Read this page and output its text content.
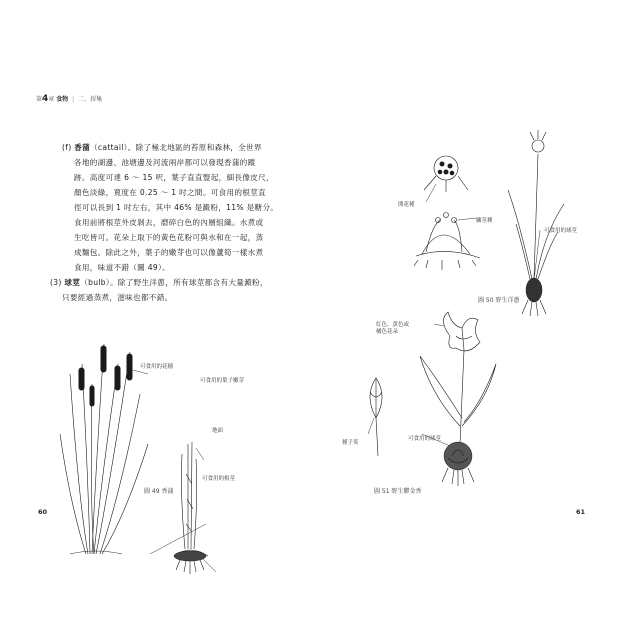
第4章 食物 | 二、採集
(f) 香蒲（cattail）。除了極北地區的苔原和森林，全世界
各地的湖邊、池塘邊及河流兩岸都可以發現香蒲的蹤
跡。高度可達 6 ～ 15 呎，葉子直直豎起，細長像皮尺，
顏色淡綠，寬度在 0.25 ～ 1 吋之間。可食用的根莖直
徑可以長到 1 吋左右，其中 46% 是澱粉，11% 是糖分。
食用前將根莖外皮剝去，磨碎白色的內層組織。水煮或
生吃皆可。花朵上取下的黃色花粉可與水和在一起，蒸
成麵包。除此之外，葉子的嫩芽也可以像蘆筍一樣水煮
食用，味道不錯（圖 49）。
(3) 球莖（bulb）。除了野生洋蔥，所有球莖都含有大量澱粉，
只要經過蒸煮，滋味也都不錯。
可食用的花穗
可食用的葉子嫩芽
地面
可食用的根莖
圖 49 香蒲
60
開花種
鱗莖種
可食用的球莖
圖 50 野生洋蔥
紅色、黃色或
橘色花朵
種子莢
可食用的球莖
圖 51 野生鬱金香
61
